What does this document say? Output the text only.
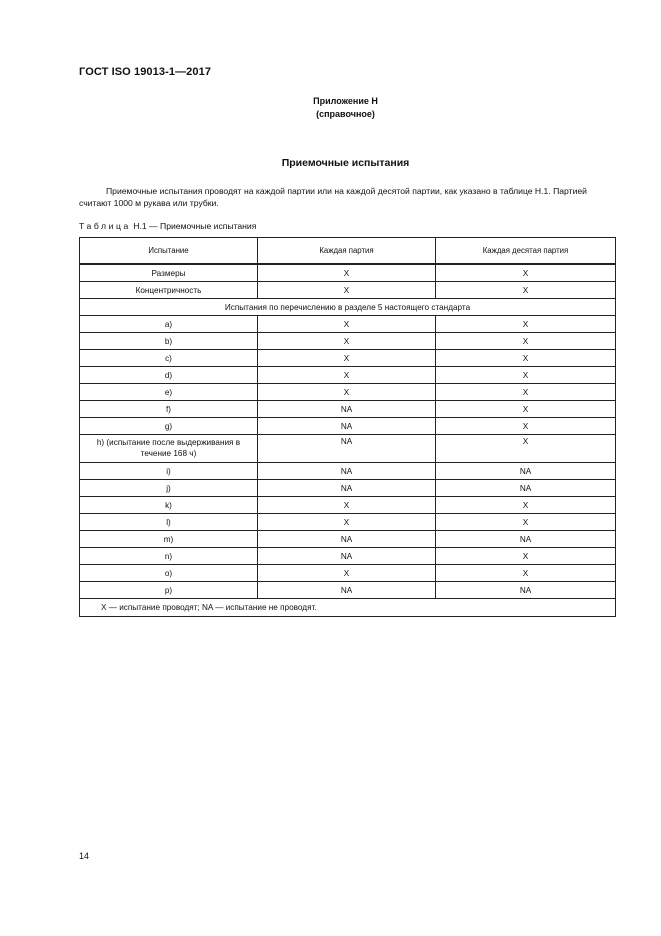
ГОСТ ISO 19013-1—2017
Приложение Н
(справочное)
Приемочные испытания

Приемочные испытания проводят на каждой партии или на каждой десятой партии, как указано в таблице Н.1. Партией считают 1000 м рукава или трубки.

Таблица Н.1 — Приемочные испытания
Испытание	Каждая партия	Каждая десятая партия
Размеры	X	X
Концентричность	X	X
Испытания по перечислению в разделе 5 настоящего стандарта		
a)	X	X
b)	X	X
c)	X	X
d)	X	X
e)	X	X
f)	NA	X
g)	NA	X
h) (испытание после выдерживания в течение 168 ч)	NA	X
i)	NA	NA
j)	NA	NA
k)	X	X
l)	X	X
m)	NA	NA
n)	NA	X
o)	X	X
p)	NA	NA
X — испытание проводят; NA — испытание не проводят.		
14
